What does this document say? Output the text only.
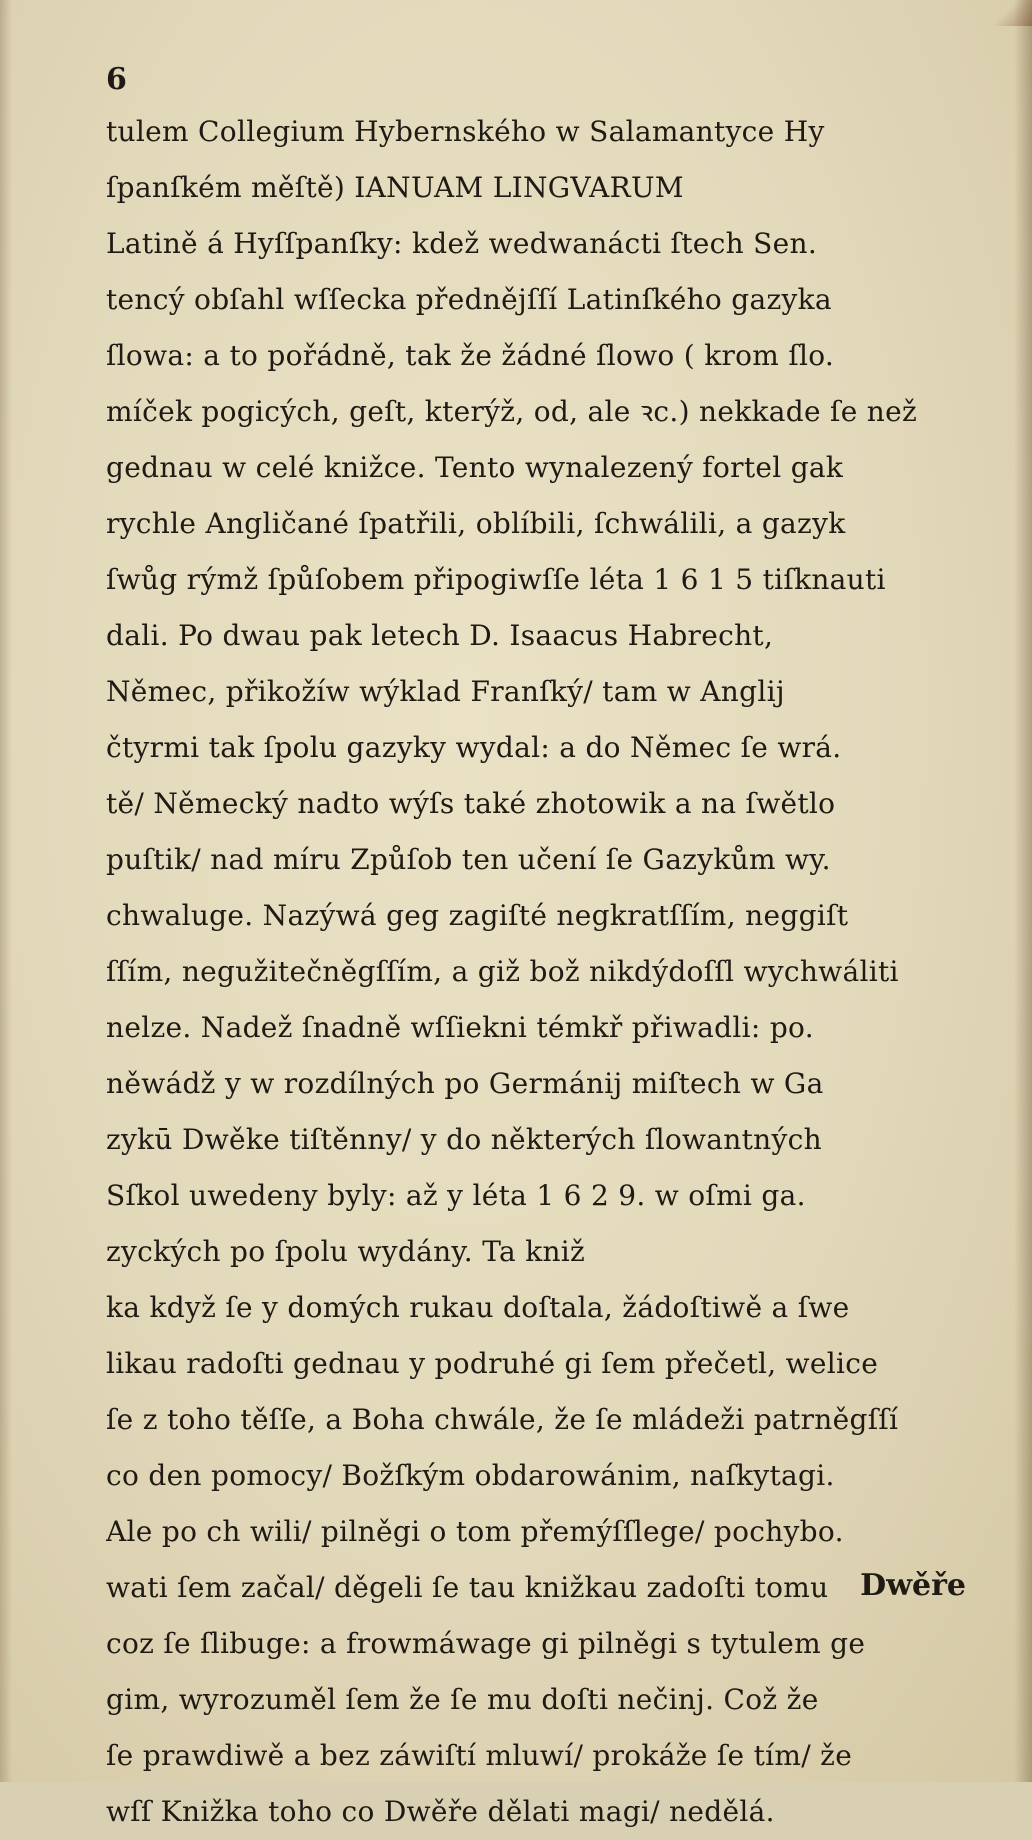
6
tulem Collegium Hybernského w Salamantyce Hy
ſpanſkém měſtě) IANUAM LINGVARUM
Latině á Hyſſpanſky: kdež wedwanácti ſtech Sen.
tencý obſahl wſſecka přednějſſí Latinſkého gazyka
ſlowa: a to pořádně, tak že žádné ſlowo ( krom ſlo.
míček pogicých, geſt, kterýž, od, ale ꝛc.) nekkade ſe než
gednau w celé knižce. Tento wynalezený fortel gak
rychle Angličané ſpatřili, oblíbili, ſchwálili, a gazyk
ſwůg rýmž ſpůſobem připogiwſſe léta 1 6 1 5 tiſknauti
dali. Po dwau pak letech D. Isaacus Habrecht,
Němec, přikožíw wýklad Franſký/ tam w Anglij
čtyrmi tak ſpolu gazyky wydal: a do Němec ſe wrá.
tě/ Německý nadto wýſs také zhotowik a na ſwětlo
puſtik/ nad míru Způſob ten učení ſe Gazykům wy.
chwaluge. Nazýwá geg zagiſté negkratſſím, neggiſt
ſſím, negužitečněgſſím, a giž bož nikdýdoſſl wychwáliti
nelze. Nadež ſnadně wſſiekni témkř přiwadli: po.
něwádž y w rozdílných po Germánij miſtech w Ga
zykū Dwěke tiſtěnny/ y do některých ſlowantných
Sſkol uwedeny byly: až y léta 1 6 2 9. w oſmi ga.
zyckých po ſpolu wydány. Ta kniž
ka když ſe y domých rukau doſtala, žádoſtiwě a ſwe
likau radoſti gednau y podruhé gi ſem přečetl, welice
ſe z toho těſſe, a Boha chwále, že ſe mládeži patrněgſſí
co den pomocy/ Božſkým obdarowánim, naſkytagi.
Ale po ch wili/ pilněgi o tom přemýſſlege/ pochybo.
wati ſem začal/ děgeli ſe tau knižkau zadoſti tomu
coz ſe ſlibuge: a frowmáwage gi pilněgi s tytulem ge
gim, wyrozuměl ſem že ſe mu doſti nečinj. Což že
ſe prawdiwě a bez záwiſtí mluwí/ prokáže ſe tím/ že
wſſ Knižka toho co Dwěře dělati magi/ nedělá.
Dwěře
